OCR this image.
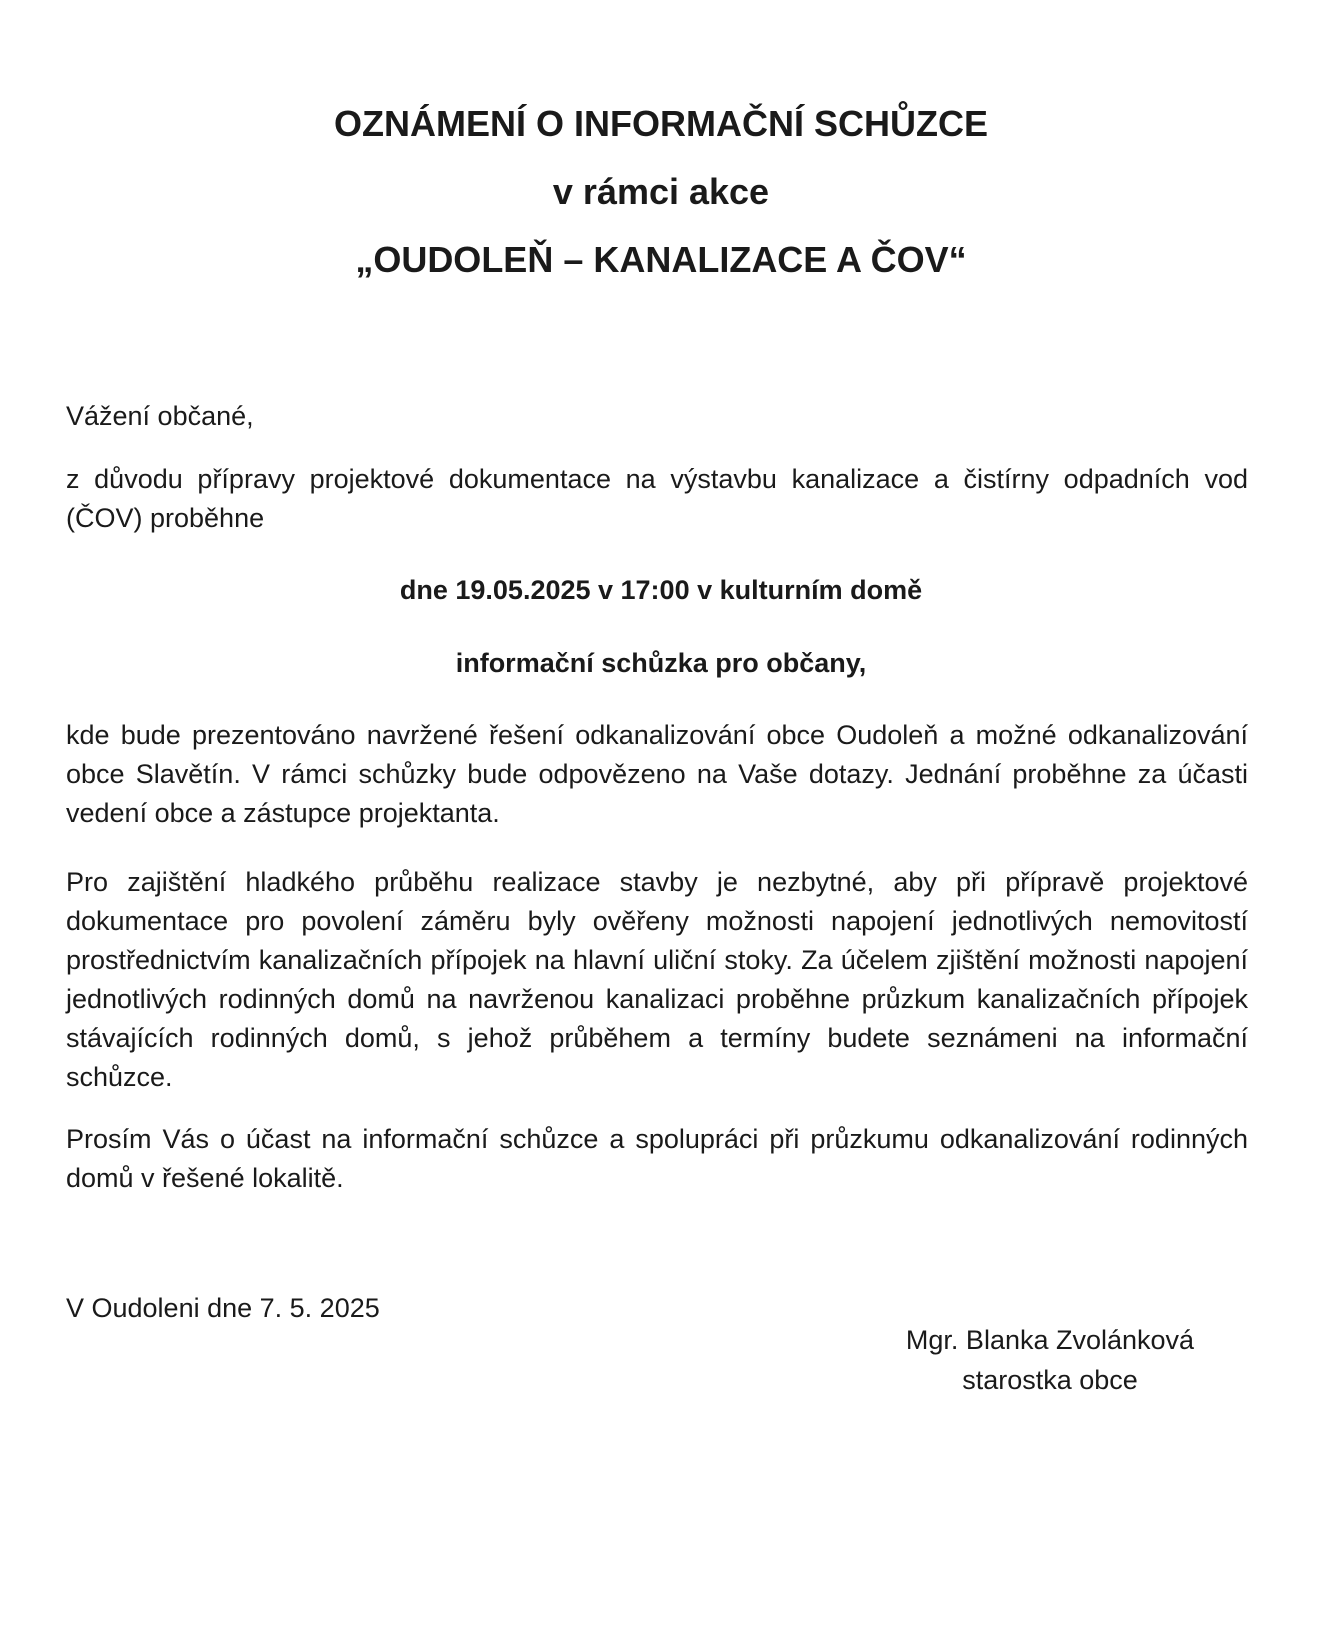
OZNÁMENÍ O INFORMAČNÍ SCHŮZCE
v rámci akce
„OUDOLEŇ – KANALIZACE A ČOV“
Vážení občané,
z důvodu přípravy projektové dokumentace na výstavbu kanalizace a čistírny odpadních vod (ČOV) proběhne
dne 19.05.2025 v 17:00 v kulturním domě
informační schůzka pro občany,
kde bude prezentováno navržené řešení odkanalizování obce Oudoleň a možné odkanalizování obce Slavětín. V rámci schůzky bude odpovězeno na Vaše dotazy. Jednání proběhne za účasti vedení obce a zástupce projektanta.
Pro zajištění hladkého průběhu realizace stavby je nezbytné, aby při přípravě projektové dokumentace pro povolení záměru byly ověřeny možnosti napojení jednotlivých nemovitostí prostřednictvím kanalizačních přípojek na hlavní uliční stoky. Za účelem zjištění možnosti napojení jednotlivých rodinných domů na navrženou kanalizaci proběhne průzkum kanalizačních přípojek stávajících rodinných domů, s jehož průběhem a termíny budete seznámeni na informační schůzce.
Prosím Vás o účast na informační schůzce a spolupráci při průzkumu odkanalizování rodinných domů v řešené lokalitě.
V Oudoleni dne 7. 5. 2025
Mgr. Blanka Zvolánková
starostka obce
